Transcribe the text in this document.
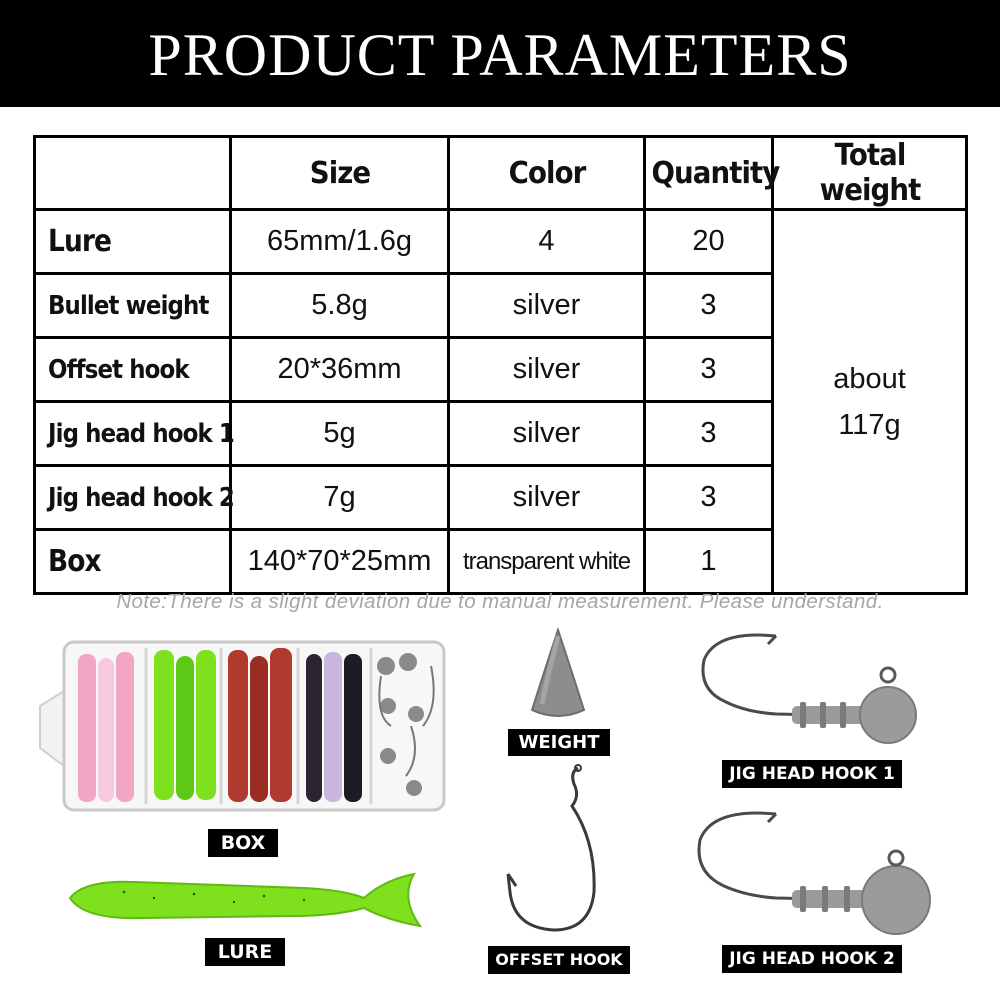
PRODUCT PARAMETERS
	Size	Color	Quantity	Total weight
Lure	65mm/1.6g	4	20	about
117g

Bullet weight	5.8g	silver	3	
Offset hook	20*36mm	silver	3	
Jig head hook 1	5g	silver	3	
Jig head hook 2	7g	silver	3	
Box	140*70*25mm	transparent white	1	
Note:There is a slight deviation due to manual measurement. Please understand.
BOX
LURE
WEIGHT
OFFSET HOOK
JIG HEAD HOOK 1
JIG HEAD HOOK 2
